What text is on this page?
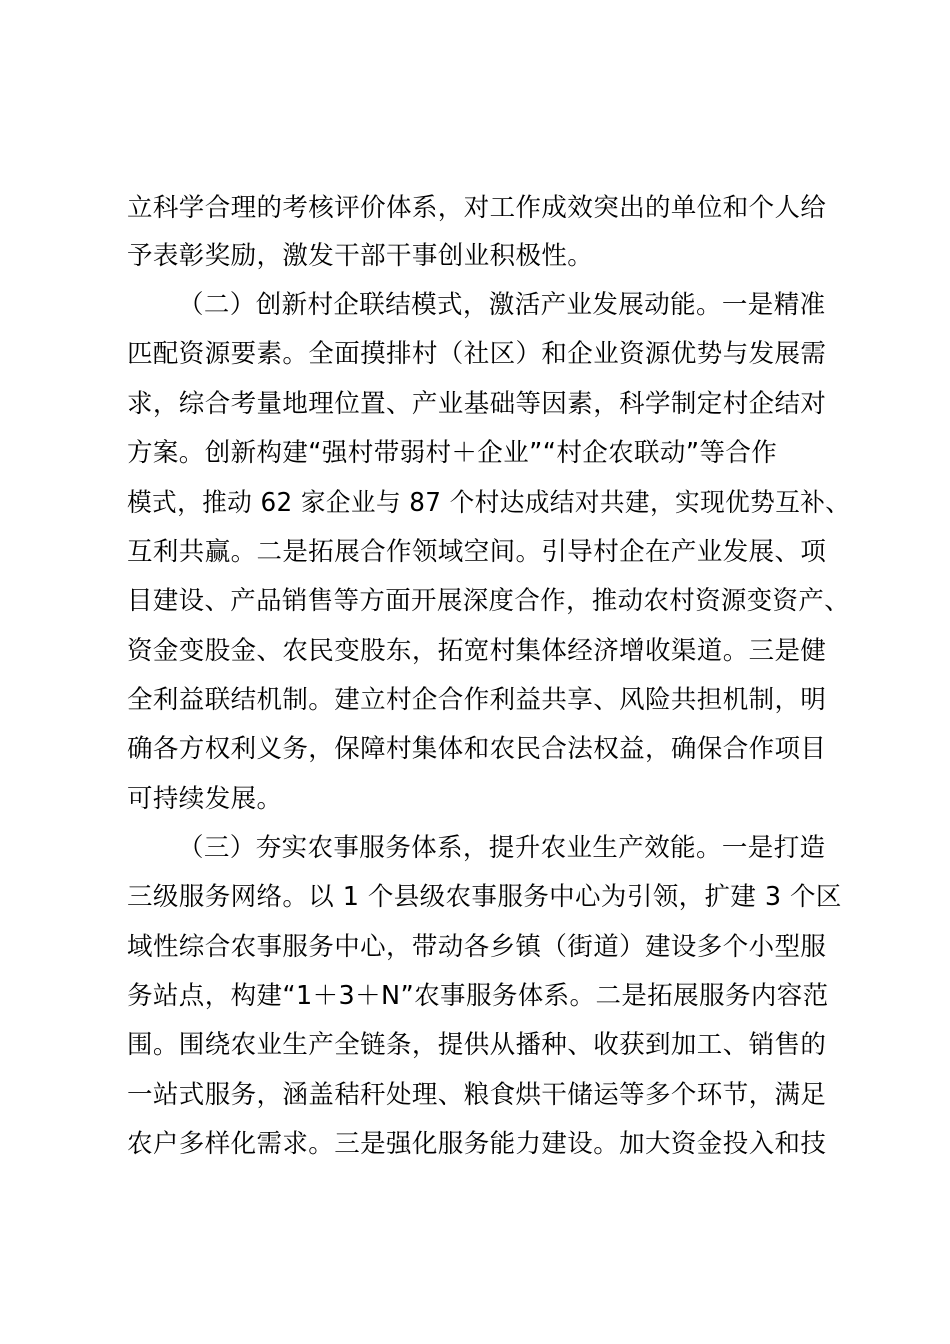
立科学合理的考核评价体系，对工作成效突出的单位和个人给
予表彰奖励，激发干部干事创业积极性。
（二）创新村企联结模式，激活产业发展动能。一是精准
匹配资源要素。全面摸排村（社区）和企业资源优势与发展需
求，综合考量地理位置、产业基础等因素，科学制定村企结对
方案。创新构建“强村带弱村＋企业”“村企农联动”等合作
模式，推动 62 家企业与 87 个村达成结对共建，实现优势互补、
互利共赢。二是拓展合作领域空间。引导村企在产业发展、项
目建设、产品销售等方面开展深度合作，推动农村资源变资产、
资金变股金、农民变股东，拓宽村集体经济增收渠道。三是健
全利益联结机制。建立村企合作利益共享、风险共担机制，明
确各方权利义务，保障村集体和农民合法权益，确保合作项目
可持续发展。
（三）夯实农事服务体系，提升农业生产效能。一是打造
三级服务网络。以 1 个县级农事服务中心为引领，扩建 3 个区
域性综合农事服务中心，带动各乡镇（街道）建设多个小型服
务站点，构建“1＋3＋N”农事服务体系。二是拓展服务内容范
围。围绕农业生产全链条，提供从播种、收获到加工、销售的
一站式服务，涵盖秸秆处理、粮食烘干储运等多个环节，满足
农户多样化需求。三是强化服务能力建设。加大资金投入和技
